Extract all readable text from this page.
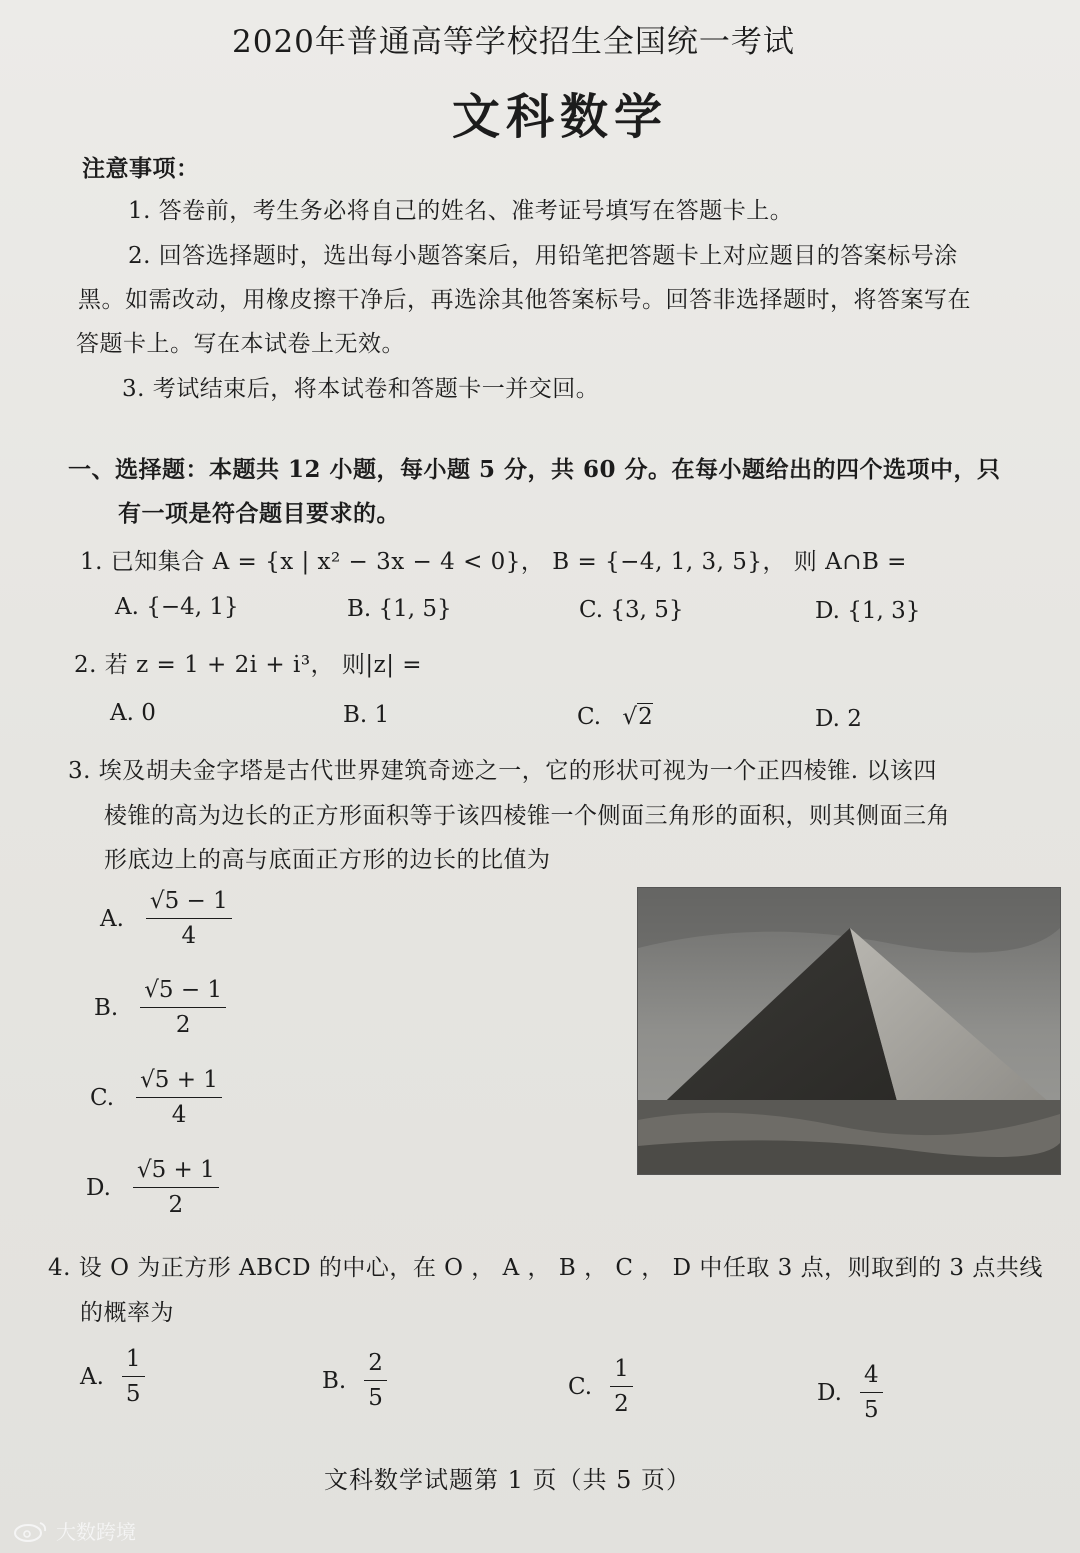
2020年普通高等学校招生全国统一考试
文科数学
注意事项：
1. 答卷前，考生务必将自己的姓名、准考证号填写在答题卡上。
2. 回答选择题时，选出每小题答案后，用铅笔把答题卡上对应题目的答案标号涂
黑。如需改动，用橡皮擦干净后，再选涂其他答案标号。回答非选择题时，将答案写在
答题卡上。写在本试卷上无效。
3. 考试结束后，将本试卷和答题卡一并交回。
一、选择题：本题共 12 小题，每小题 5 分，共 60 分。在每小题给出的四个选项中，只
有一项是符合题目要求的。
1. 已知集合 A = {x | x² − 3x − 4 < 0}， B = {−4, 1, 3, 5}， 则 A∩B =
A. {−4, 1}	B. {1, 5}	C. {3, 5}	D. {1, 3}
2. 若 z = 1 + 2i + i³， 则|z| =
A. 0	B. 1	C. √2	D. 2
3. 埃及胡夫金字塔是古代世界建筑奇迹之一，它的形状可视为一个正四棱锥. 以该四
棱锥的高为边长的正方形面积等于该四棱锥一个侧面三角形的面积，则其侧面三角
形底边上的高与底面正方形的边长的比值为
A. $\frac{√5 - 1}{4}$
B. $\frac{√5 - 1}{2}$
C. $\frac{√5 + 1}{4}$
D. $\frac{√5 + 1}{2}$
4. 设 O 为正方形 ABCD 的中心，在 O ， A ， B ， C ， D 中任取 3 点，则取到的 3 点共线
的概率为
A. $\frac{1}{5}$	B. $\frac{2}{5}$	C. $\frac{1}{2}$	D. $\frac{4}{5}$
文科数学试题第 1 页（共 5 页）
大数跨境
